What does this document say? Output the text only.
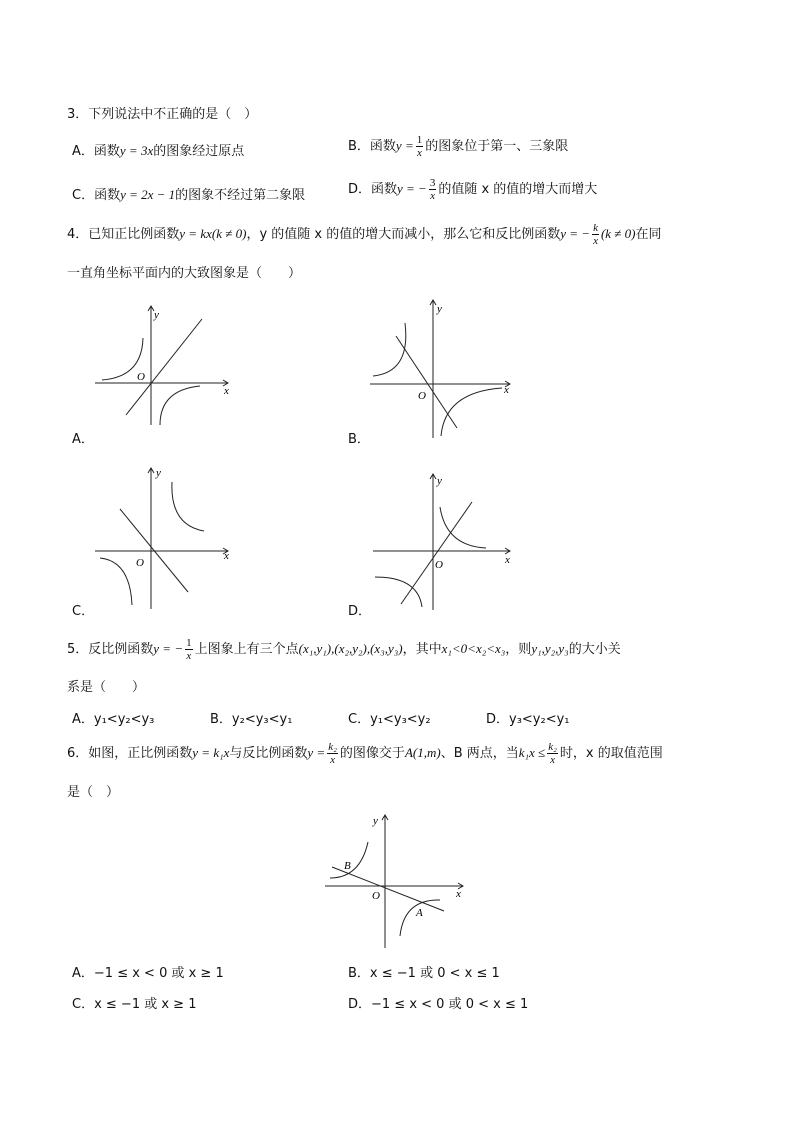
3．下列说法中不正确的是（　）
A．函数y = 3x的图象经过原点	B．函数$y = \frac{1}{x}$ 的图象位于第一、三象限
C．函数y = 2x − 1的图象不经过第二象限	D．函数y = − $\frac{3}{x}$ 的值随 x 的值的增大而增大
4．已知正比例函数y = kx(k ≠ 0)，y 的值随 x 的值的增大而减小，那么它和反比例函数y = − $\frac{k}{x} (k \ne 0)$在同
一直角坐标平面内的大致图象是（　　）
y
x
O
A．
y
x
O
B．
y
x
O
C．
y
x
O
D．
5．反比例函数y = − $\frac{1}{x}$ 上图象上有三个点(x₁,y₁),(x₂,y₂),(x₃,y₃)，其中x₁<0<x₂<x₃，则y₁,y₂,y₃的大小关
系是（　　）
A．y₁<y₂<y₃	B．y₂<y₃<y₁	C．y₁<y₃<y₂	D．y₃<y₂<y₁
6．如图，正比例函数y = k₁x与反比例函数$y = \frac{\text{k₂}}{x}$ 的图像交于A(1,m)、B 两点，当$k_1x \le \frac{\text{k₂}}{x}$ 时，x 的取值范围
是（　）
y
x
O
B
A
A．−1 ≤ x < 0 或 x ≥ 1	B．x ≤ −1 或 0 < x ≤ 1
C．x ≤ −1 或 x ≥ 1	D．−1 ≤ x < 0 或 0 < x ≤ 1
